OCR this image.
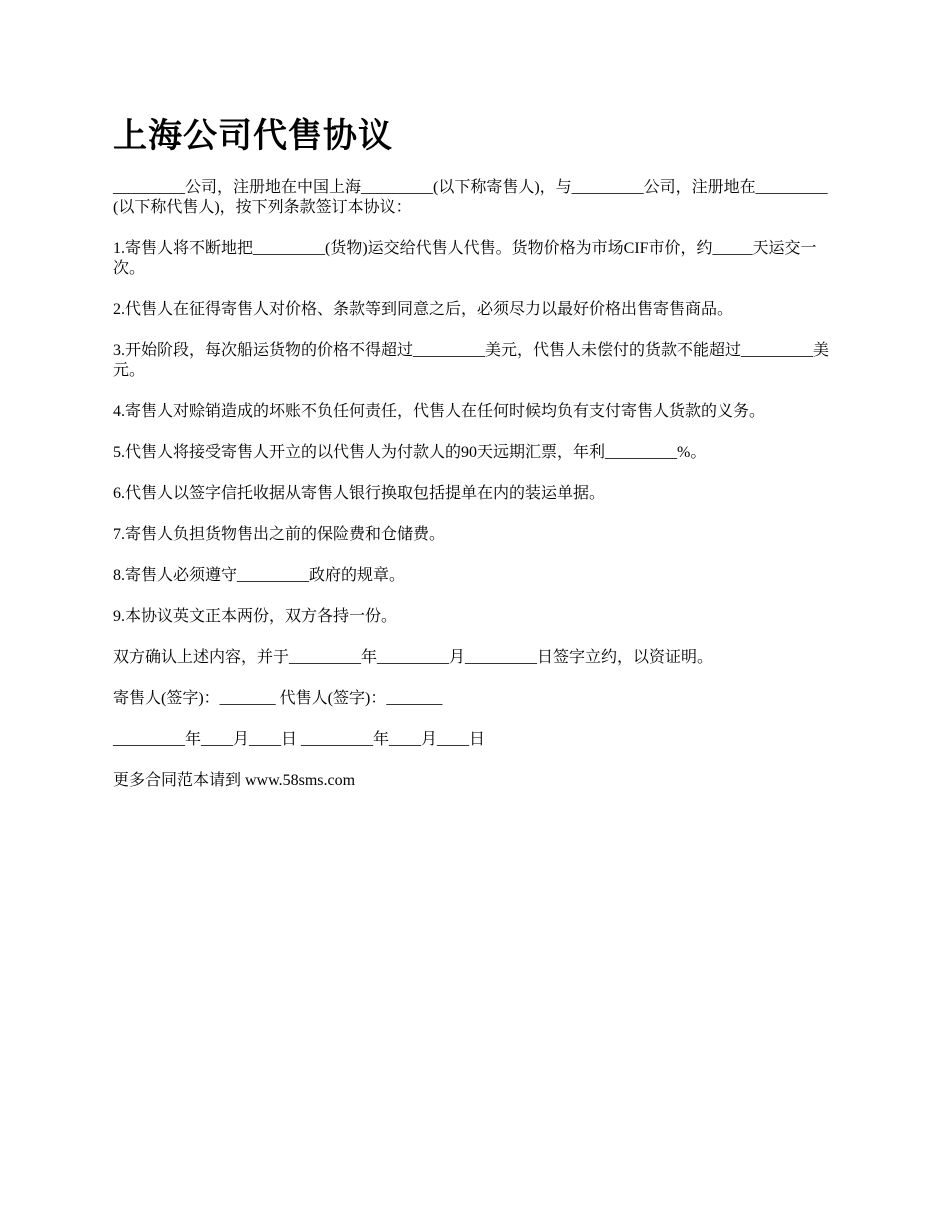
上海公司代售协议

_________公司，注册地在中国上海_________(以下称寄售人)，与_________公司，注册地在_________(以下称代售人)，按下列条款签订本协议：

1.寄售人将不断地把_________(货物)运交给代售人代售。货物价格为市场CIF市价，约_____天运交一次。

2.代售人在征得寄售人对价格、条款等到同意之后，必须尽力以最好价格出售寄售商品。

3.开始阶段，每次船运货物的价格不得超过_________美元，代售人未偿付的货款不能超过_________美元。

4.寄售人对赊销造成的坏账不负任何责任，代售人在任何时候均负有支付寄售人货款的义务。

5.代售人将接受寄售人开立的以代售人为付款人的90天远期汇票，年利_________%。

6.代售人以签字信托收据从寄售人银行换取包括提单在内的装运单据。

7.寄售人负担货物售出之前的保险费和仓储费。

8.寄售人必须遵守_________政府的规章。

9.本协议英文正本两份，双方各持一份。

双方确认上述内容，并于_________年_________月_________日签字立约，以资证明。

寄售人(签字)：_______ 代售人(签字)：_______

_________年____月____日 _________年____月____日

更多合同范本请到 www.58sms.com
